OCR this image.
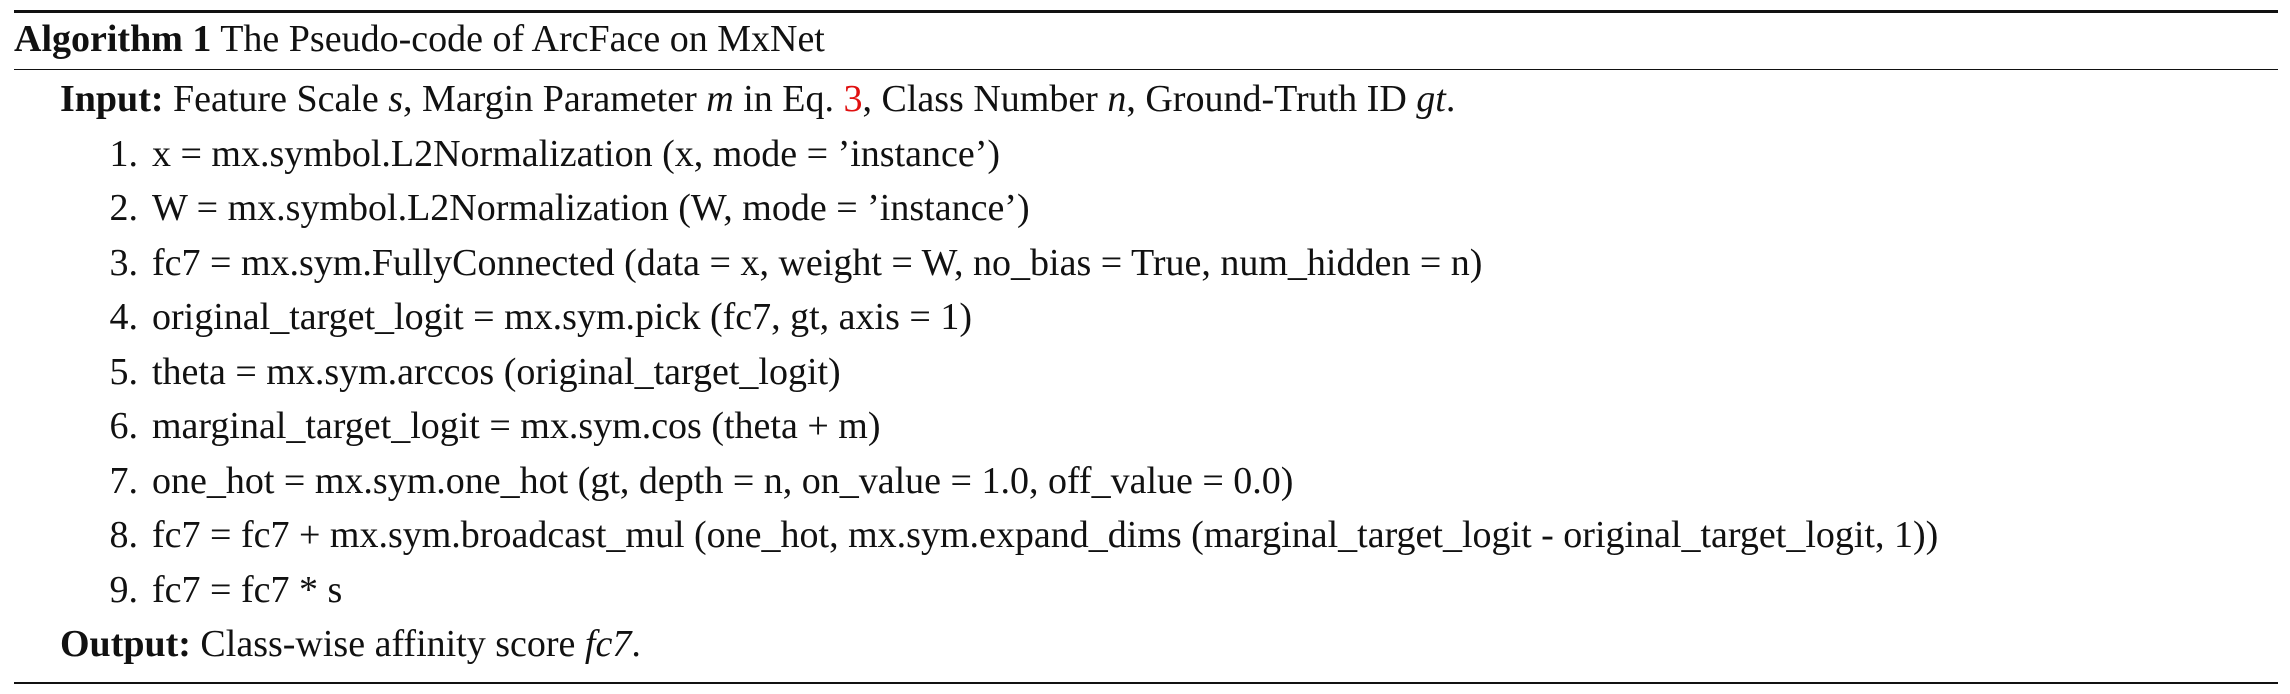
Algorithm 1 The Pseudo-code of ArcFace on MxNet
Input: Feature Scale s, Margin Parameter m in Eq. 3, Class Number n, Ground-Truth ID gt.
1. x = mx.symbol.L2Normalization (x, mode = ’instance’)
2. W = mx.symbol.L2Normalization (W, mode = ’instance’)
3. fc7 = mx.sym.FullyConnected (data = x, weight = W, no_bias = True, num_hidden = n)
4. original_target_logit = mx.sym.pick (fc7, gt, axis = 1)
5. theta = mx.sym.arccos (original_target_logit)
6. marginal_target_logit = mx.sym.cos (theta + m)
7. one_hot = mx.sym.one_hot (gt, depth = n, on_value = 1.0, off_value = 0.0)
8. fc7 = fc7 + mx.sym.broadcast_mul (one_hot, mx.sym.expand_dims (marginal_target_logit - original_target_logit, 1))
9. fc7 = fc7 * s
Output: Class-wise affinity score fc7.
